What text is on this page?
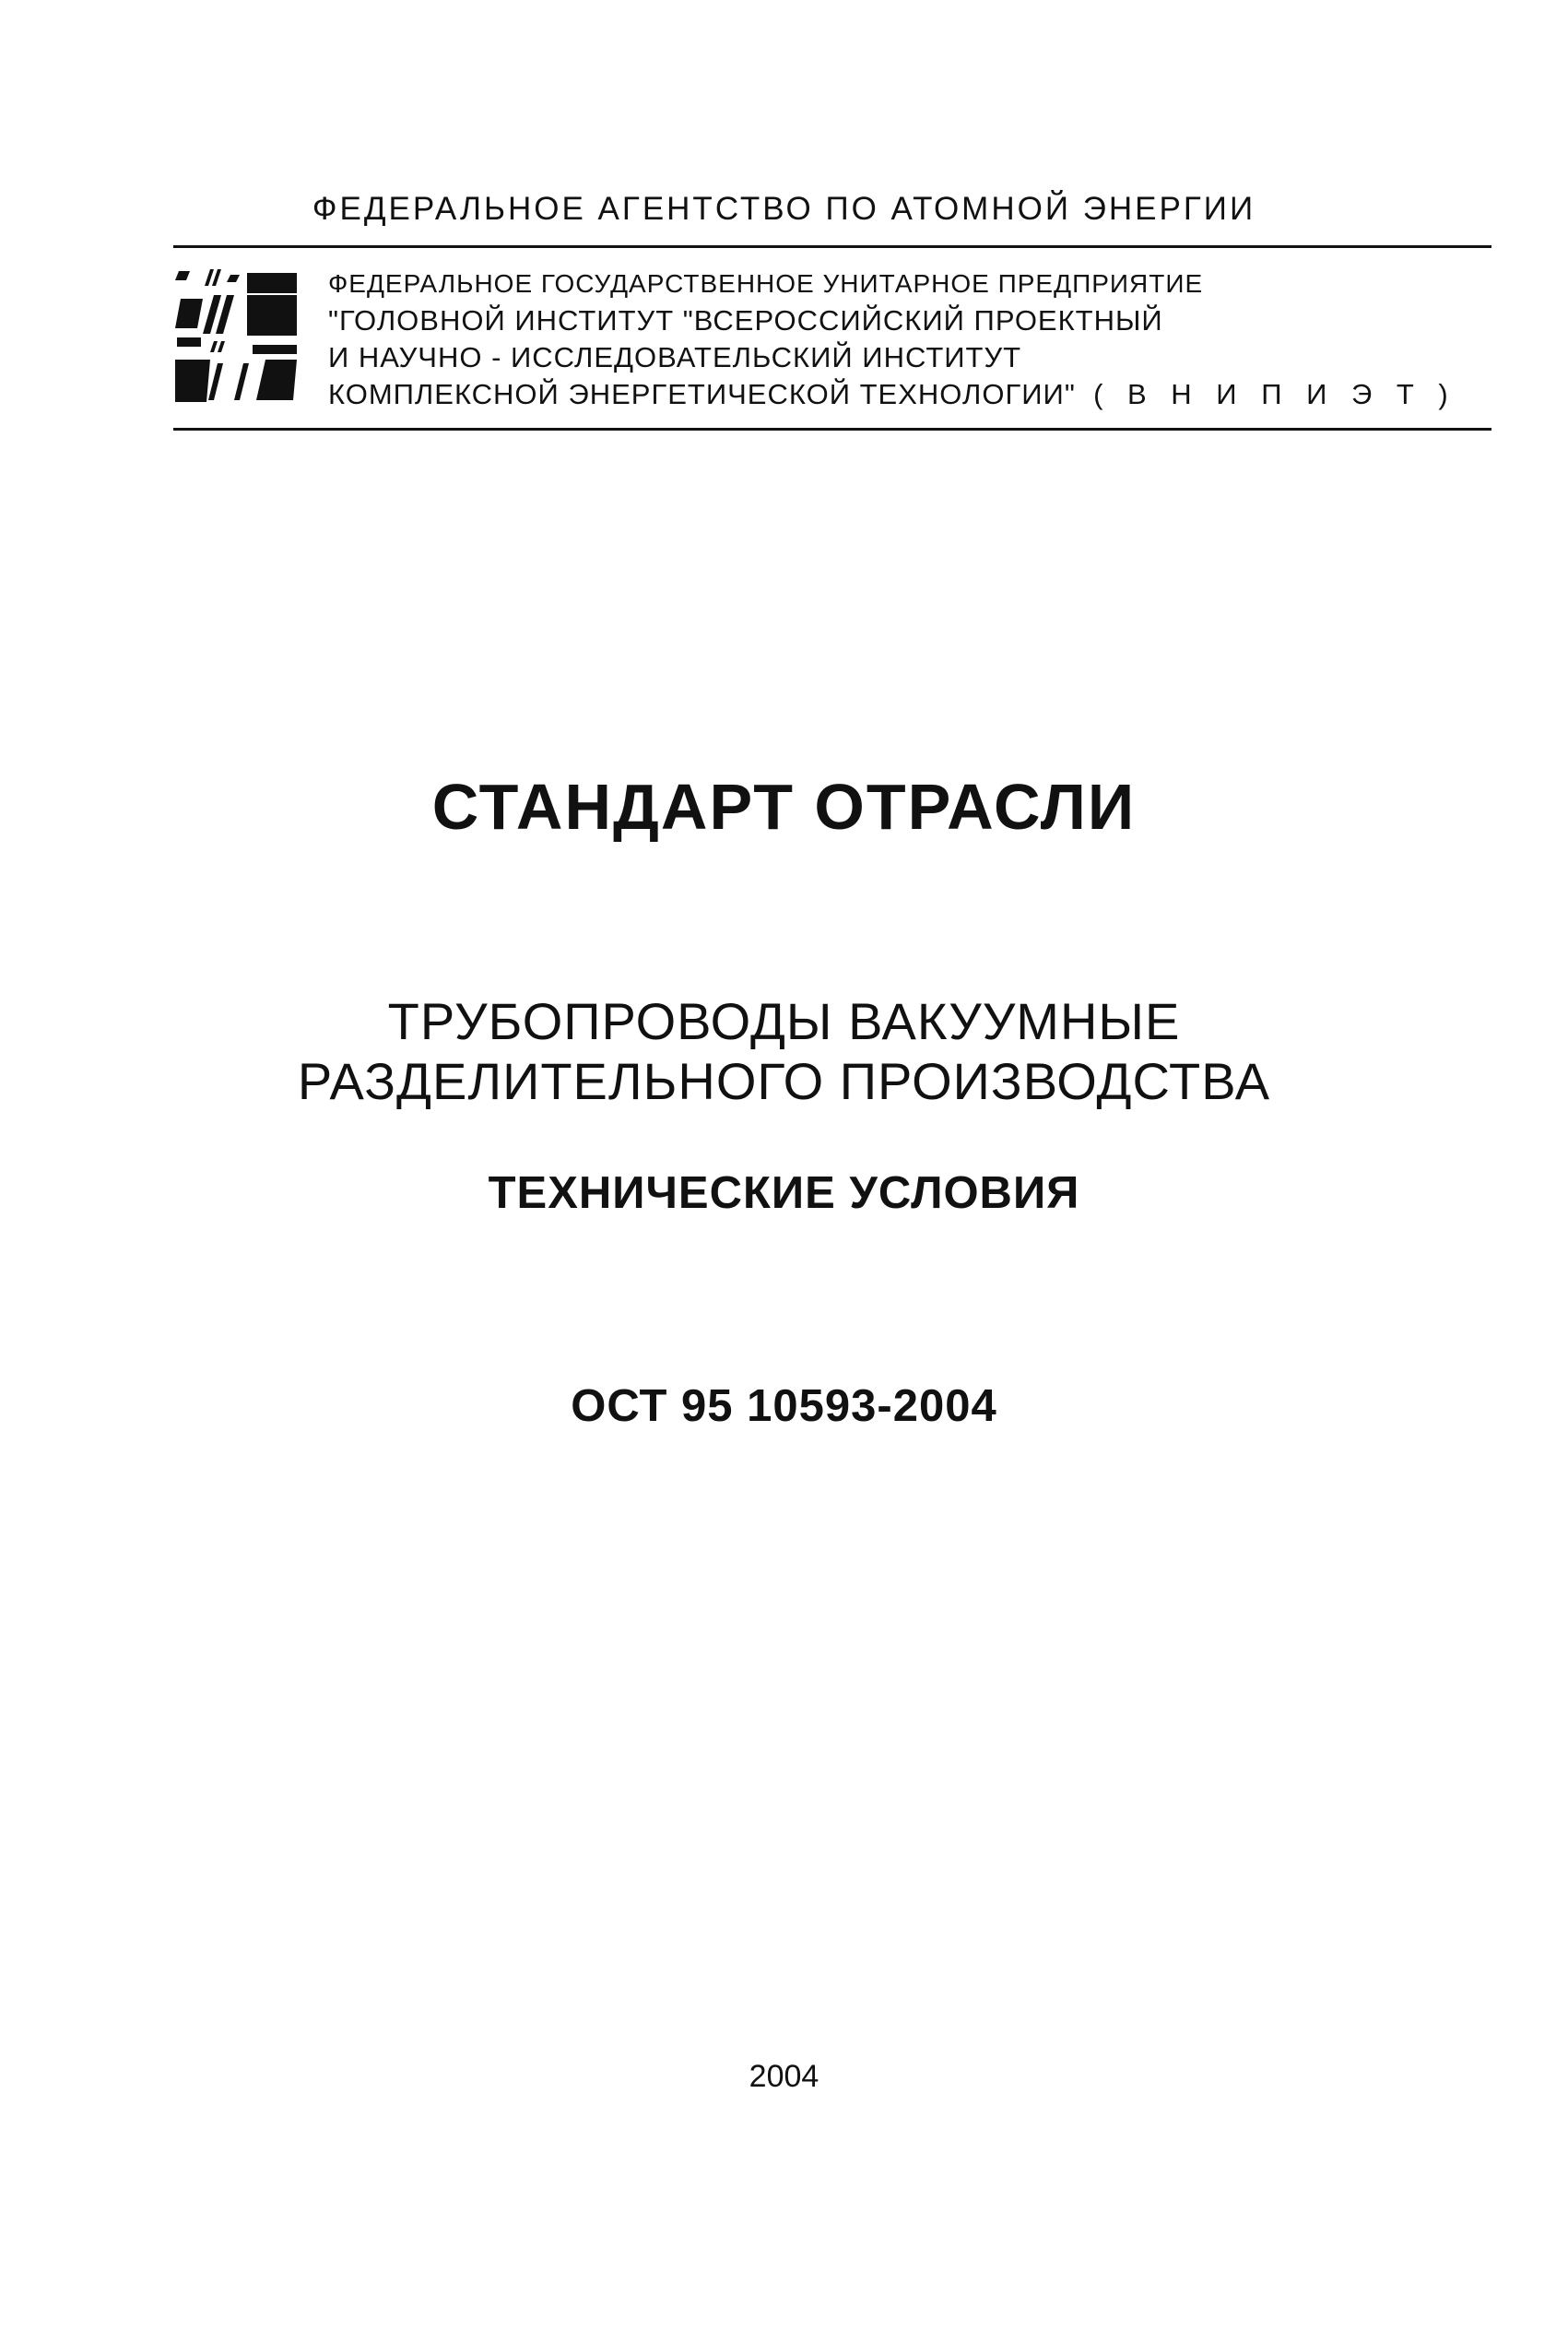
ФЕДЕРАЛЬНОЕ АГЕНТСТВО ПО АТОМНОЙ ЭНЕРГИИ
ФЕДЕРАЛЬНОЕ ГОСУДАРСТВЕННОЕ УНИТАРНОЕ ПРЕДПРИЯТИЕ
"ГОЛОВНОЙ ИНСТИТУТ "ВСЕРОССИЙСКИЙ ПРОЕКТНЫЙ
И НАУЧНО - ИССЛЕДОВАТЕЛЬСКИЙ ИНСТИТУТ
КОМПЛЕКСНОЙ ЭНЕРГЕТИЧЕСКОЙ ТЕХНОЛОГИИ" ( В Н И П И Э Т )
СТАНДАРТ ОТРАСЛИ
ТРУБОПРОВОДЫ ВАКУУМНЫЕ
РАЗДЕЛИТЕЛЬНОГО ПРОИЗВОДСТВА
ТЕХНИЧЕСКИЕ УСЛОВИЯ
ОСТ 95 10593-2004
2004
